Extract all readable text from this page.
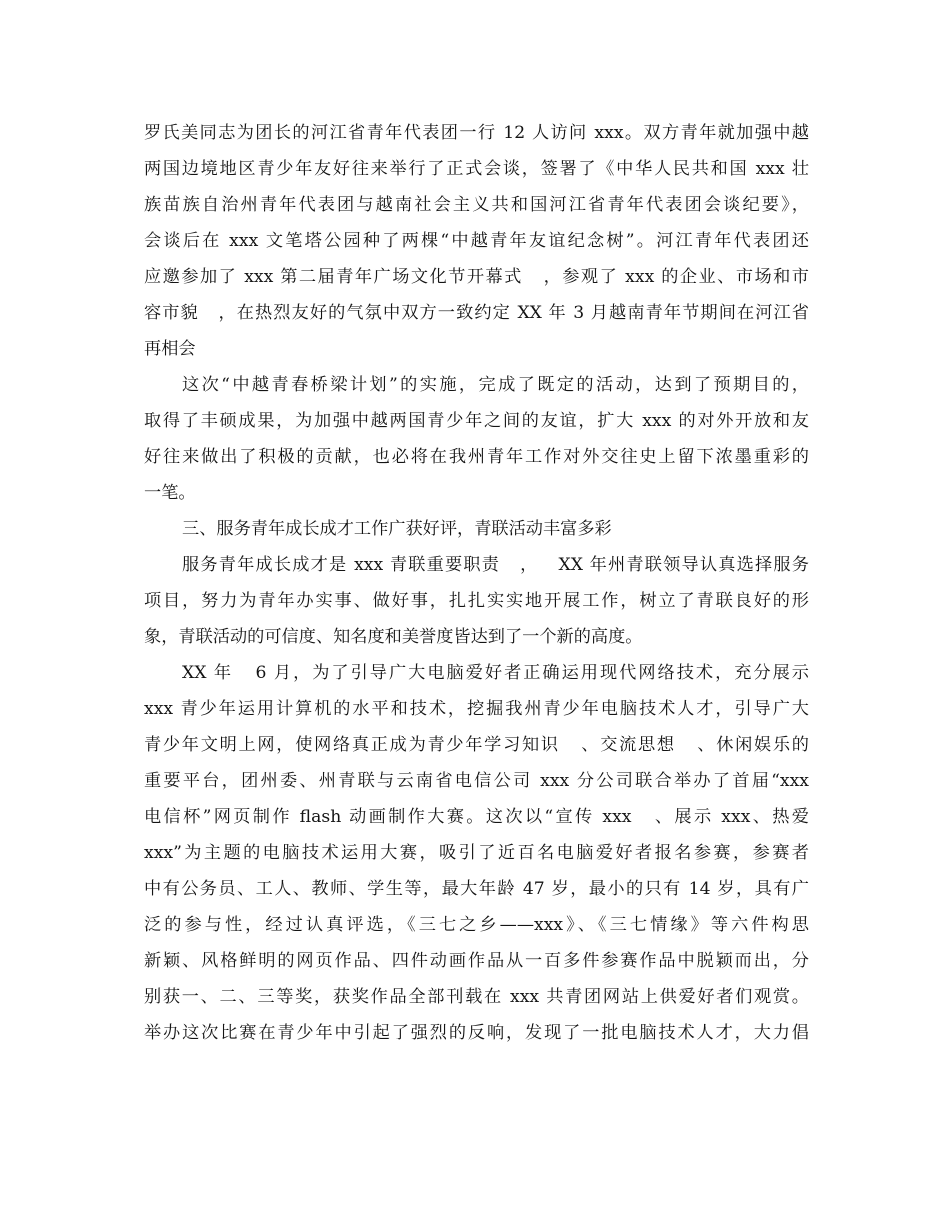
罗氏美同志为团长的河江省青年代表团一行 12 人访问 xxx。双方青年就加强中越
两国边境地区青少年友好往来举行了正式会谈，签署了《中华人民共和国 xxx 壮
族苗族自治州青年代表团与越南社会主义共和国河江省青年代表团会谈纪要》，
会谈后在 xxx 文笔塔公园种了两棵“中越青年友谊纪念树”。河江青年代表团还
应邀参加了 xxx 第二届青年广场文化节开幕式   ，参观了 xxx 的企业、市场和市
容市貌   ，在热烈友好的气氛中双方一致约定 XX 年 3 月越南青年节期间在河江省
再相会
这次“中越青春桥梁计划”的实施，完成了既定的活动，达到了预期目的，
取得了丰硕成果，为加强中越两国青少年之间的友谊，扩大 xxx 的对外开放和友
好往来做出了积极的贡献，也必将在我州青年工作对外交往史上留下浓墨重彩的
一笔。
三、服务青年成长成才工作广获好评，青联活动丰富多彩
服务青年成长成才是 xxx 青联重要职责   ，   XX 年州青联领导认真选择服务
项目，努力为青年办实事、做好事，扎扎实实地开展工作，树立了青联良好的形
象，青联活动的可信度、知名度和美誉度皆达到了一个新的高度。
XX 年   6 月，为了引导广大电脑爱好者正确运用现代网络技术，充分展示
xxx 青少年运用计算机的水平和技术，挖掘我州青少年电脑技术人才，引导广大
青少年文明上网，使网络真正成为青少年学习知识   、交流思想   、休闲娱乐的
重要平台，团州委、州青联与云南省电信公司 xxx 分公司联合举办了首届“xxx
电信杯”网页制作 flash 动画制作大赛。这次以“宣传 xxx   、展示 xxx、热爱
xxx”为主题的电脑技术运用大赛，吸引了近百名电脑爱好者报名参赛，参赛者
中有公务员、工人、教师、学生等，最大年龄 47 岁，最小的只有 14 岁，具有广
泛的参与性，经过认真评选，《三七之乡——xxx》、《三七情缘》等六件构思
新颖、风格鲜明的网页作品、四件动画作品从一百多件参赛作品中脱颖而出，分
别获一、二、三等奖，获奖作品全部刊载在 xxx 共青团网站上供爱好者们观赏。
举办这次比赛在青少年中引起了强烈的反响，发现了一批电脑技术人才，大力倡
